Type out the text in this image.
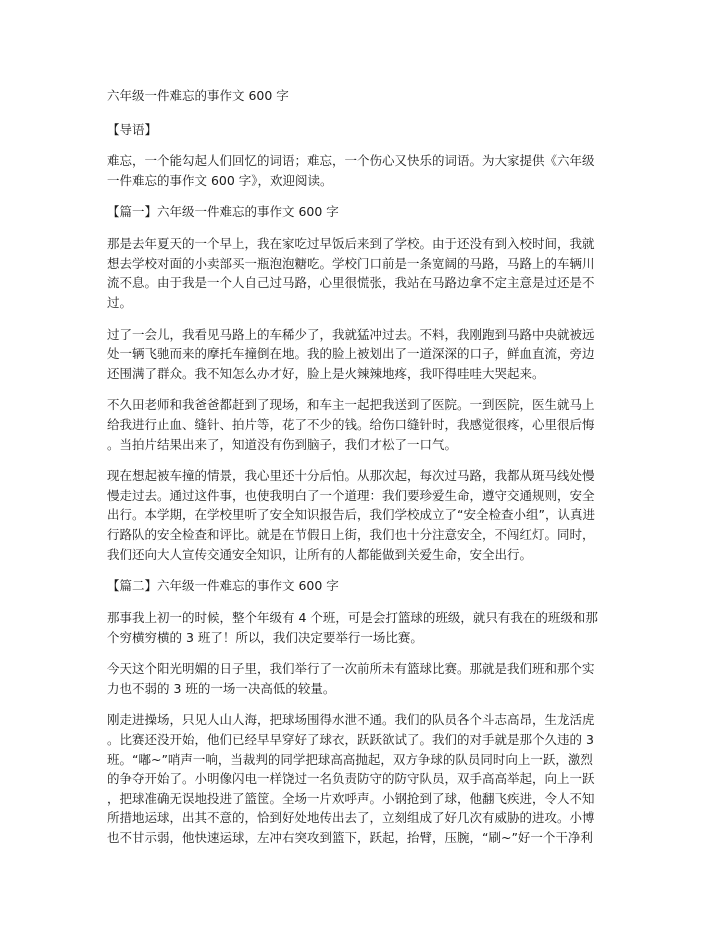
六年级一件难忘的事作文 600 字
【导语】
难忘，一个能勾起人们回忆的词语；难忘，一个伤心又快乐的词语。为大家提供《六年级
一件难忘的事作文 600 字》，欢迎阅读。
【篇一】六年级一件难忘的事作文 600 字
那是去年夏天的一个早上，我在家吃过早饭后来到了学校。由于还没有到入校时间，我就
想去学校对面的小卖部买一瓶泡泡糖吃。学校门口前是一条宽阔的马路，马路上的车辆川
流不息。由于我是一个人自己过马路，心里很慌张，我站在马路边拿不定主意是过还是不
过。
过了一会儿，我看见马路上的车稀少了，我就猛冲过去。不料，我刚跑到马路中央就被远
处一辆飞驰而来的摩托车撞倒在地。我的脸上被划出了一道深深的口子，鲜血直流，旁边
还围满了群众。我不知怎么办才好，脸上是火辣辣地疼，我吓得哇哇大哭起来。
不久田老师和我爸爸都赶到了现场，和车主一起把我送到了医院。一到医院，医生就马上
给我进行止血、缝针、拍片等，花了不少的钱。给伤口缝针时，我感觉很疼，心里很后悔
。当拍片结果出来了，知道没有伤到脑子，我们才松了一口气。
现在想起被车撞的情景，我心里还十分后怕。从那次起，每次过马路，我都从斑马线处慢
慢走过去。通过这件事，也使我明白了一个道理：我们要珍爱生命，遵守交通规则，安全
出行。本学期，在学校里听了安全知识报告后，我们学校成立了“安全检查小组”，认真进
行路队的安全检查和评比。就是在节假日上街，我们也十分注意安全，不闯红灯。同时，
我们还向大人宣传交通安全知识，让所有的人都能做到关爱生命，安全出行。
【篇二】六年级一件难忘的事作文 600 字
那事我上初一的时候，整个年级有 4 个班，可是会打篮球的班级，就只有我在的班级和那
个穷横穷横的 3 班了！所以，我们决定要举行一场比赛。
今天这个阳光明媚的日子里，我们举行了一次前所未有篮球比赛。那就是我们班和那个实
力也不弱的 3 班的一场一决高低的较量。
刚走进操场，只见人山人海，把球场围得水泄不通。我们的队员各个斗志高昂，生龙活虎
。比赛还没开始，他们已经早早穿好了球衣，跃跃欲试了。我们的对手就是那个久违的 3
班。“嘟~”哨声一响，当裁判的同学把球高高抛起，双方争球的队员同时向上一跃，激烈
的争夺开始了。小明像闪电一样饶过一名负责防守的防守队员，双手高高举起，向上一跃
，把球准确无误地投进了篮筐。全场一片欢呼声。小钢抢到了球，他翻飞疾进，令人不知
所措地运球，出其不意的，恰到好处地传出去了，立刻组成了好几次有威胁的进攻。小博
也不甘示弱，他快速运球，左冲右突攻到篮下，跃起，抬臂，压腕，“刷~”好一个干净利
